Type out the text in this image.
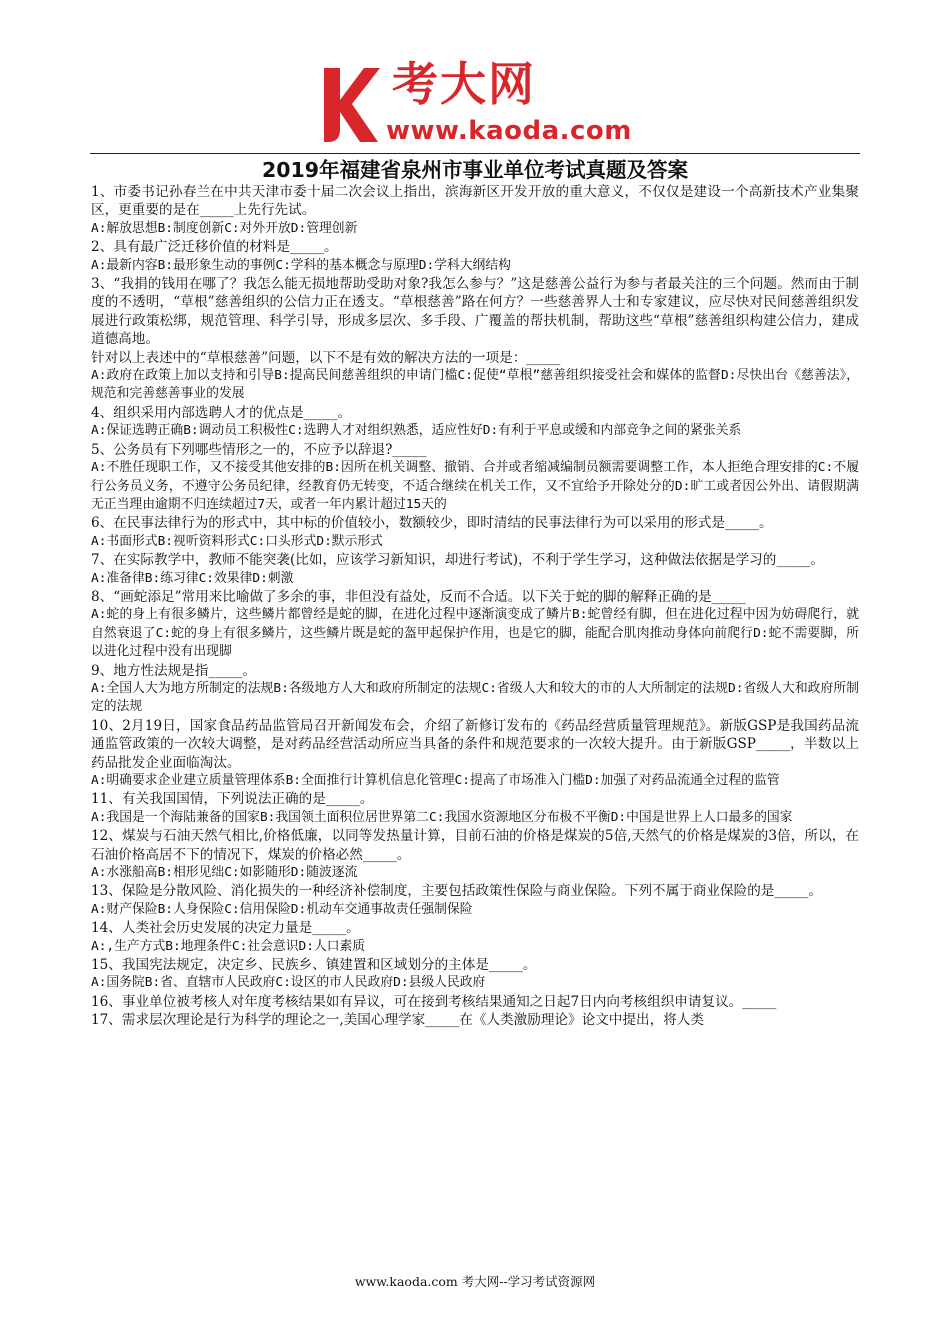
考大网
www.kaoda.com
2019年福建省泉州市事业单位考试真题及答案

1、市委书记孙春兰在中共天津市委十届二次会议上指出，滨海新区开发开放的重大意义，不仅仅是建设一个高新技术产业集聚区，更重要的是在_____上先行先试。

A:解放思想B:制度创新C:对外开放D:管理创新

2、具有最广泛迁移价值的材料是_____。

A:最新内容B:最形象生动的事例C:学科的基本概念与原理D:学科大纲结构

3、“我捐的钱用在哪了？我怎么能无损地帮助受助对象?我怎么参与？”这是慈善公益行为参与者最关注的三个问题。然而由于制度的不透明，“草根”慈善组织的公信力正在透支。“草根慈善”路在何方？一些慈善界人士和专家建议，应尽快对民间慈善组织发展进行政策松绑，规范管理、科学引导，形成多层次、多手段、广覆盖的帮扶机制，帮助这些“草根”慈善组织构建公信力，建成道德高地。

针对以上表述中的“草根慈善”问题，以下不是有效的解决方法的一项是：_____

A:政府在政策上加以支持和引导B:提高民间慈善组织的申请门槛C:促使“草根”慈善组织接受社会和媒体的监督D:尽快出台《慈善法》，规范和完善慈善事业的发展

4、组织采用内部选聘人才的优点是_____。

A:保证选聘正确B:调动员工积极性C:选聘人才对组织熟悉，适应性好D:有利于平息或缓和内部竞争之间的紧张关系

5、公务员有下列哪些情形之一的，不应予以辞退?_____

A:不胜任现职工作，又不接受其他安排的B:因所在机关调整、撤销、合并或者缩减编制员额需要调整工作，本人拒绝合理安排的C:不履行公务员义务，不遵守公务员纪律，经教育仍无转变，不适合继续在机关工作，又不宜给予开除处分的D:旷工或者因公外出、请假期满无正当理由逾期不归连续超过7天，或者一年内累计超过15天的

6、在民事法律行为的形式中，其中标的价值较小，数额较少，即时清结的民事法律行为可以采用的形式是_____。

A:书面形式B:视听资料形式C:口头形式D:默示形式

7、在实际教学中，教师不能突袭(比如，应该学习新知识，却进行考试)，不利于学生学习，这种做法依据是学习的_____。

A:准备律B:练习律C:效果律D:刺激

8、“画蛇添足”常用来比喻做了多余的事，非但没有益处，反而不合适。以下关于蛇的脚的解释正确的是_____

A:蛇的身上有很多鳞片，这些鳞片都曾经是蛇的脚，在进化过程中逐渐演变成了鳞片B:蛇曾经有脚，但在进化过程中因为妨碍爬行，就自然衰退了C:蛇的身上有很多鳞片，这些鳞片既是蛇的盔甲起保护作用，也是它的脚，能配合肌肉推动身体向前爬行D:蛇不需要脚，所以进化过程中没有出现脚

9、地方性法规是指_____。

A:全国人大为地方所制定的法规B:各级地方人大和政府所制定的法规C:省级人大和较大的市的人大所制定的法规D:省级人大和政府所制定的法规

10、2月19日，国家食品药品监管局召开新闻发布会，介绍了新修订发布的《药品经营质量管理规范》。新版GSP是我国药品流通监管政策的一次较大调整，是对药品经营活动所应当具备的条件和规范要求的一次较大提升。由于新版GSP_____，半数以上药品批发企业面临淘汰。

A:明确要求企业建立质量管理体系B:全面推行计算机信息化管理C:提高了市场准入门槛D:加强了对药品流通全过程的监管

11、有关我国国情，下列说法正确的是_____。

A:我国是一个海陆兼备的国家B:我国领土面积位居世界第二C:我国水资源地区分布极不平衡D:中国是世界上人口最多的国家

12、煤炭与石油天然气相比,价格低廉，以同等发热量计算，目前石油的价格是煤炭的5倍,天然气的价格是煤炭的3倍，所以，在石油价格高居不下的情况下，煤炭的价格必然_____。

A:水涨船高B:相形见绌C:如影随形D:随波逐流

13、保险是分散风险、消化损失的一种经济补偿制度，主要包括政策性保险与商业保险。下列不属于商业保险的是_____。

A:财产保险B:人身保险C:信用保险D:机动车交通事故责任强制保险

14、人类社会历史发展的决定力量是_____。

A:,生产方式B:地理条件C:社会意识D:人口素质

15、我国宪法规定，决定乡、民族乡、镇建置和区域划分的主体是_____。

A:国务院B:省、直辖市人民政府C:设区的市人民政府D:县级人民政府

16、事业单位被考核人对年度考核结果如有异议，可在接到考核结果通知之日起7日内向考核组织申请复议。_____

17、需求层次理论是行为科学的理论之一,美国心理学家_____在《人类激励理论》论文中提出，将人类

www.kaoda.com 考大网--学习考试资源网
